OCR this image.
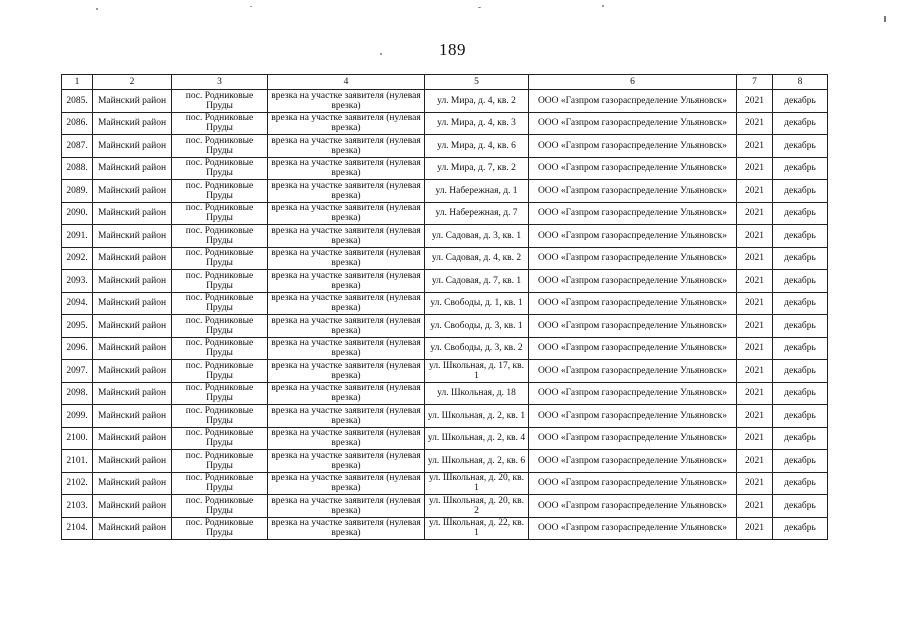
189
1	2	3	4	5	6	7	8
2085.	Майнский район	пос. Родниковые Пруды	врезка на участке заявителя (нулевая врезка)	ул. Мира, д. 4, кв. 2	ООО «Газпром газораспределение Ульяновск»	2021	декабрь
2086.	Майнский район	пос. Родниковые Пруды	врезка на участке заявителя (нулевая врезка)	ул. Мира, д. 4, кв. 3	ООО «Газпром газораспределение Ульяновск»	2021	декабрь
2087.	Майнский район	пос. Родниковые Пруды	врезка на участке заявителя (нулевая врезка)	ул. Мира, д. 4, кв. 6	ООО «Газпром газораспределение Ульяновск»	2021	декабрь
2088.	Майнский район	пос. Родниковые Пруды	врезка на участке заявителя (нулевая врезка)	ул. Мира, д. 7, кв. 2	ООО «Газпром газораспределение Ульяновск»	2021	декабрь
2089.	Майнский район	пос. Родниковые Пруды	врезка на участке заявителя (нулевая врезка)	ул. Набережная, д. 1	ООО «Газпром газораспределение Ульяновск»	2021	декабрь
2090.	Майнский район	пос. Родниковые Пруды	врезка на участке заявителя (нулевая врезка)	ул. Набережная, д. 7	ООО «Газпром газораспределение Ульяновск»	2021	декабрь
2091.	Майнский район	пос. Родниковые Пруды	врезка на участке заявителя (нулевая врезка)	ул. Садовая, д. 3, кв. 1	ООО «Газпром газораспределение Ульяновск»	2021	декабрь
2092.	Майнский район	пос. Родниковые Пруды	врезка на участке заявителя (нулевая врезка)	ул. Садовая, д. 4, кв. 2	ООО «Газпром газораспределение Ульяновск»	2021	декабрь
2093.	Майнский район	пос. Родниковые Пруды	врезка на участке заявителя (нулевая врезка)	ул. Садовая, д. 7, кв. 1	ООО «Газпром газораспределение Ульяновск»	2021	декабрь
2094.	Майнский район	пос. Родниковые Пруды	врезка на участке заявителя (нулевая врезка)	ул. Свободы, д. 1, кв. 1	ООО «Газпром газораспределение Ульяновск»	2021	декабрь
2095.	Майнский район	пос. Родниковые Пруды	врезка на участке заявителя (нулевая врезка)	ул. Свободы, д. 3, кв. 1	ООО «Газпром газораспределение Ульяновск»	2021	декабрь
2096.	Майнский район	пос. Родниковые Пруды	врезка на участке заявителя (нулевая врезка)	ул. Свободы, д. 3, кв. 2	ООО «Газпром газораспределение Ульяновск»	2021	декабрь
2097.	Майнский район	пос. Родниковые Пруды	врезка на участке заявителя (нулевая врезка)	ул. Школьная, д. 17, кв. 1	ООО «Газпром газораспределение Ульяновск»	2021	декабрь
2098.	Майнский район	пос. Родниковые Пруды	врезка на участке заявителя (нулевая врезка)	ул. Школьная, д. 18	ООО «Газпром газораспределение Ульяновск»	2021	декабрь
2099.	Майнский район	пос. Родниковые Пруды	врезка на участке заявителя (нулевая врезка)	ул. Школьная, д. 2, кв. 1	ООО «Газпром газораспределение Ульяновск»	2021	декабрь
2100.	Майнский район	пос. Родниковые Пруды	врезка на участке заявителя (нулевая врезка)	ул. Школьная, д. 2, кв. 4	ООО «Газпром газораспределение Ульяновск»	2021	декабрь
2101.	Майнский район	пос. Родниковые Пруды	врезка на участке заявителя (нулевая врезка)	ул. Школьная, д. 2, кв. 6	ООО «Газпром газораспределение Ульяновск»	2021	декабрь
2102.	Майнский район	пос. Родниковые Пруды	врезка на участке заявителя (нулевая врезка)	ул. Школьная, д. 20, кв. 1	ООО «Газпром газораспределение Ульяновск»	2021	декабрь
2103.	Майнский район	пос. Родниковые Пруды	врезка на участке заявителя (нулевая врезка)	ул. Школьная, д. 20, кв. 2	ООО «Газпром газораспределение Ульяновск»	2021	декабрь
2104.	Майнский район	пос. Родниковые Пруды	врезка на участке заявителя (нулевая врезка)	ул. Школьная, д. 22, кв. 1	ООО «Газпром газораспределение Ульяновск»	2021	декабрь
